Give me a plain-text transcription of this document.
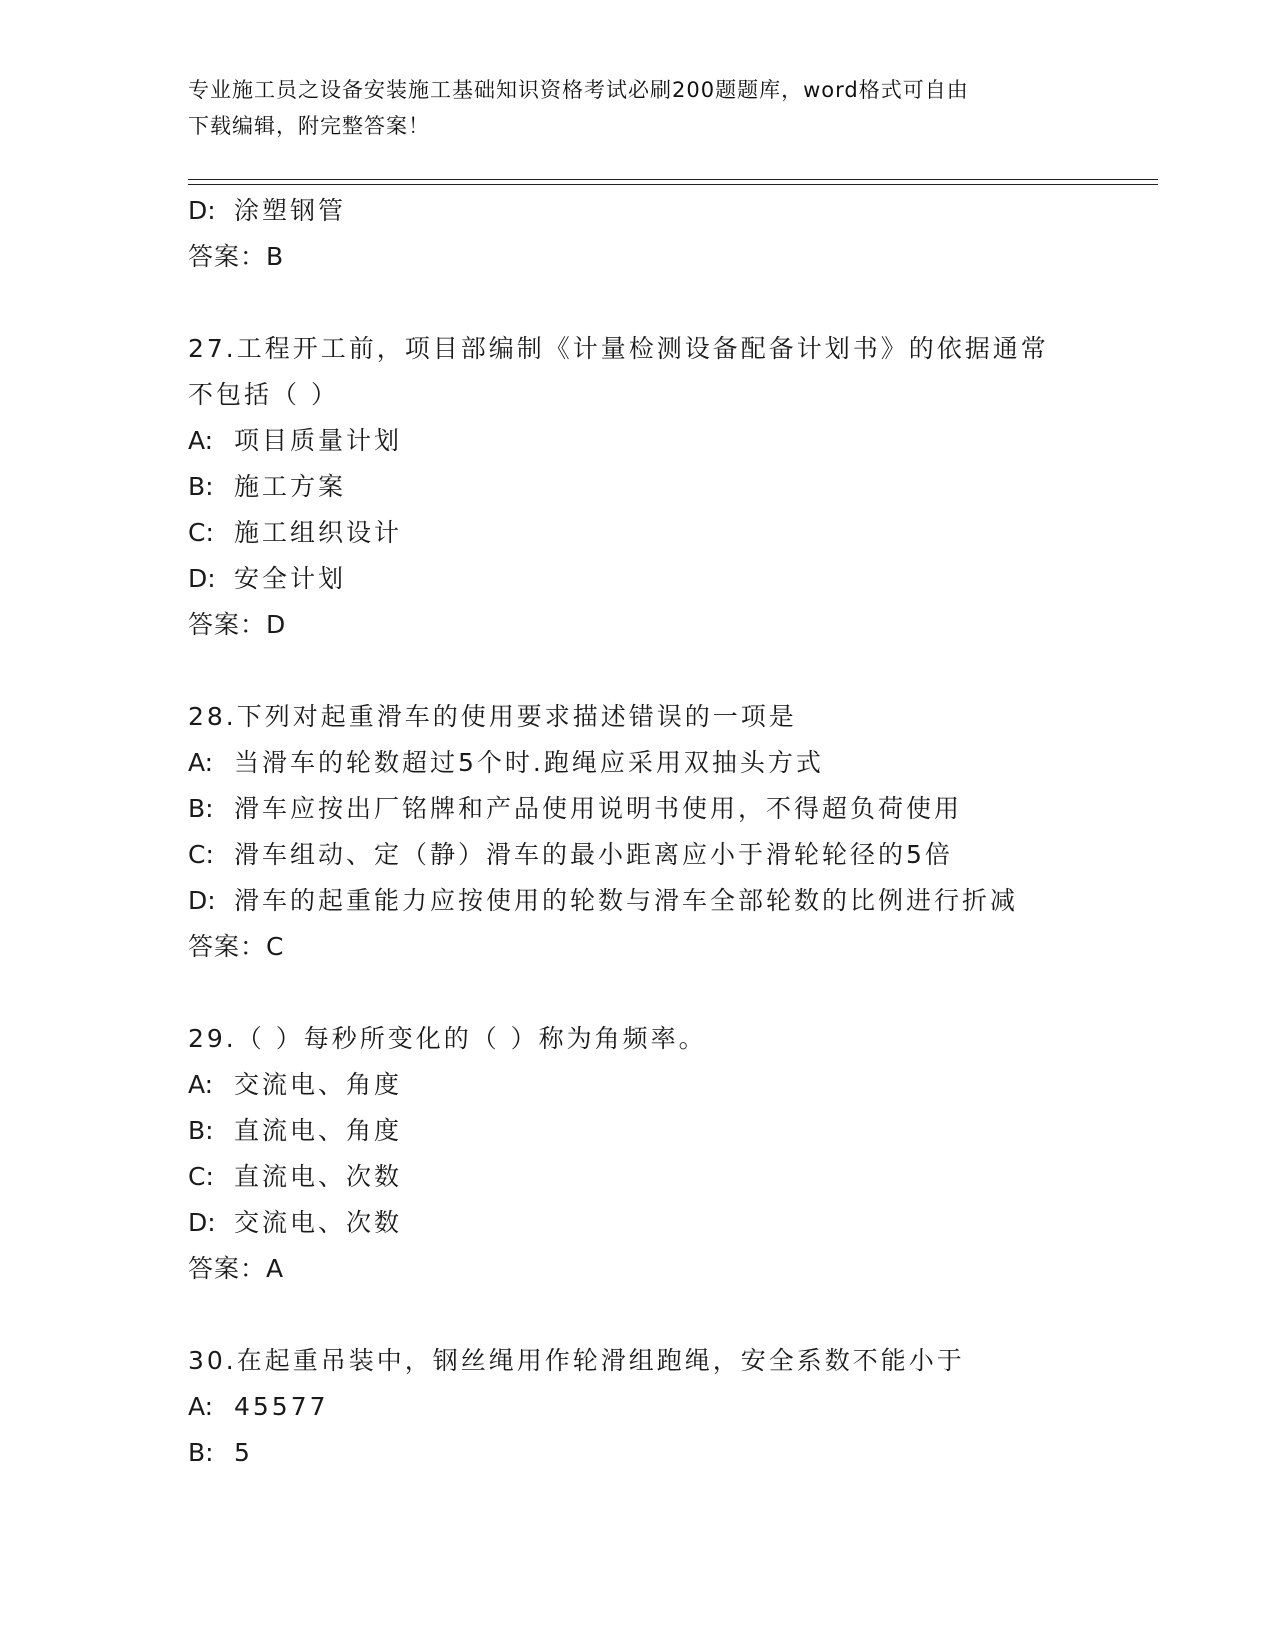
专业施工员之设备安装施工基础知识资格考试必刷200题题库，word格式可自由
下载编辑，附完整答案！
D: 涂塑钢管
答案：B
27.工程开工前，项目部编制《计量检测设备配备计划书》的依据通常
不包括（ ）
A: 项目质量计划
B: 施工方案
C: 施工组织设计
D: 安全计划
答案：D
28.下列对起重滑车的使用要求描述错误的一项是
A: 当滑车的轮数超过5个时.跑绳应采用双抽头方式
B: 滑车应按出厂铭牌和产品使用说明书使用，不得超负荷使用
C: 滑车组动、定（静）滑车的最小距离应小于滑轮轮径的5倍
D: 滑车的起重能力应按使用的轮数与滑车全部轮数的比例进行折减
答案：C
29.（ ）每秒所变化的（ ）称为角频率。
A: 交流电、角度
B: 直流电、角度
C: 直流电、次数
D: 交流电、次数
答案：A
30.在起重吊装中，钢丝绳用作轮滑组跑绳，安全系数不能小于
A: 45577
B: 5
